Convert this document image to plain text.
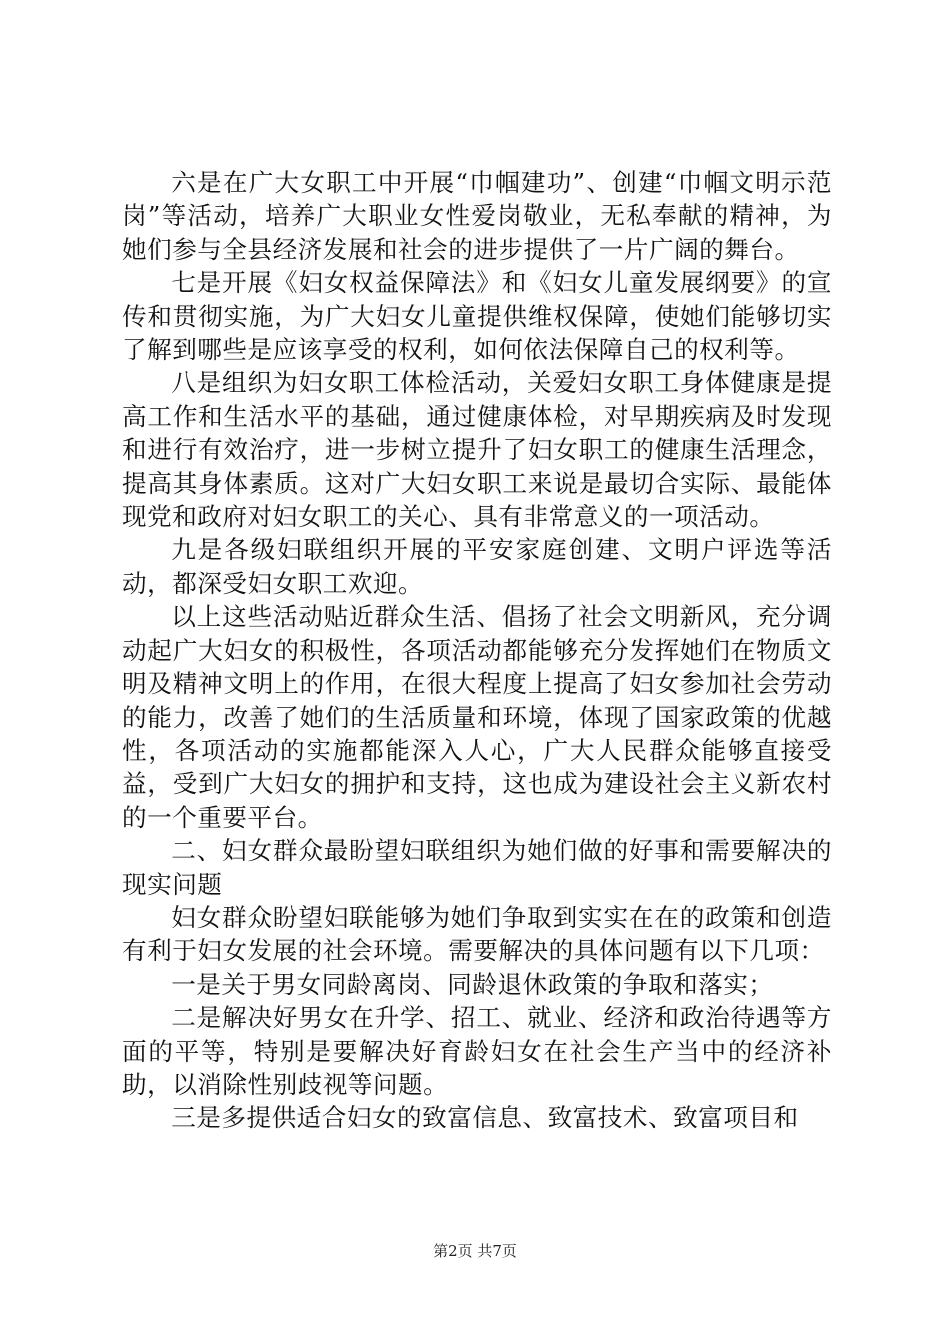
六是在广大女职工中开展“巾帼建功”、创建“巾帼文明示范岗”等活动，培养广大职业女性爱岗敬业，无私奉献的精神，为她们参与全县经济发展和社会的进步提供了一片广阔的舞台。

七是开展《妇女权益保障法》和《妇女儿童发展纲要》的宣传和贯彻实施，为广大妇女儿童提供维权保障，使她们能够切实了解到哪些是应该享受的权利，如何依法保障自己的权利等。

八是组织为妇女职工体检活动，关爱妇女职工身体健康是提高工作和生活水平的基础，通过健康体检，对早期疾病及时发现和进行有效治疗，进一步树立提升了妇女职工的健康生活理念，提高其身体素质。这对广大妇女职工来说是最切合实际、最能体现党和政府对妇女职工的关心、具有非常意义的一项活动。

九是各级妇联组织开展的平安家庭创建、文明户评选等活动，都深受妇女职工欢迎。

以上这些活动贴近群众生活、倡扬了社会文明新风，充分调动起广大妇女的积极性，各项活动都能够充分发挥她们在物质文明及精神文明上的作用，在很大程度上提高了妇女参加社会劳动的能力，改善了她们的生活质量和环境，体现了国家政策的优越性，各项活动的实施都能深入人心，广大人民群众能够直接受益，受到广大妇女的拥护和支持，这也成为建设社会主义新农村的一个重要平台。

二、妇女群众最盼望妇联组织为她们做的好事和需要解决的现实问题

妇女群众盼望妇联能够为她们争取到实实在在的政策和创造有利于妇女发展的社会环境。需要解决的具体问题有以下几项：

一是关于男女同龄离岗、同龄退休政策的争取和落实；

二是解决好男女在升学、招工、就业、经济和政治待遇等方面的平等，特别是要解决好育龄妇女在社会生产当中的经济补助，以消除性别歧视等问题。

三是多提供适合妇女的致富信息、致富技术、致富项目和

第2页 共7页
